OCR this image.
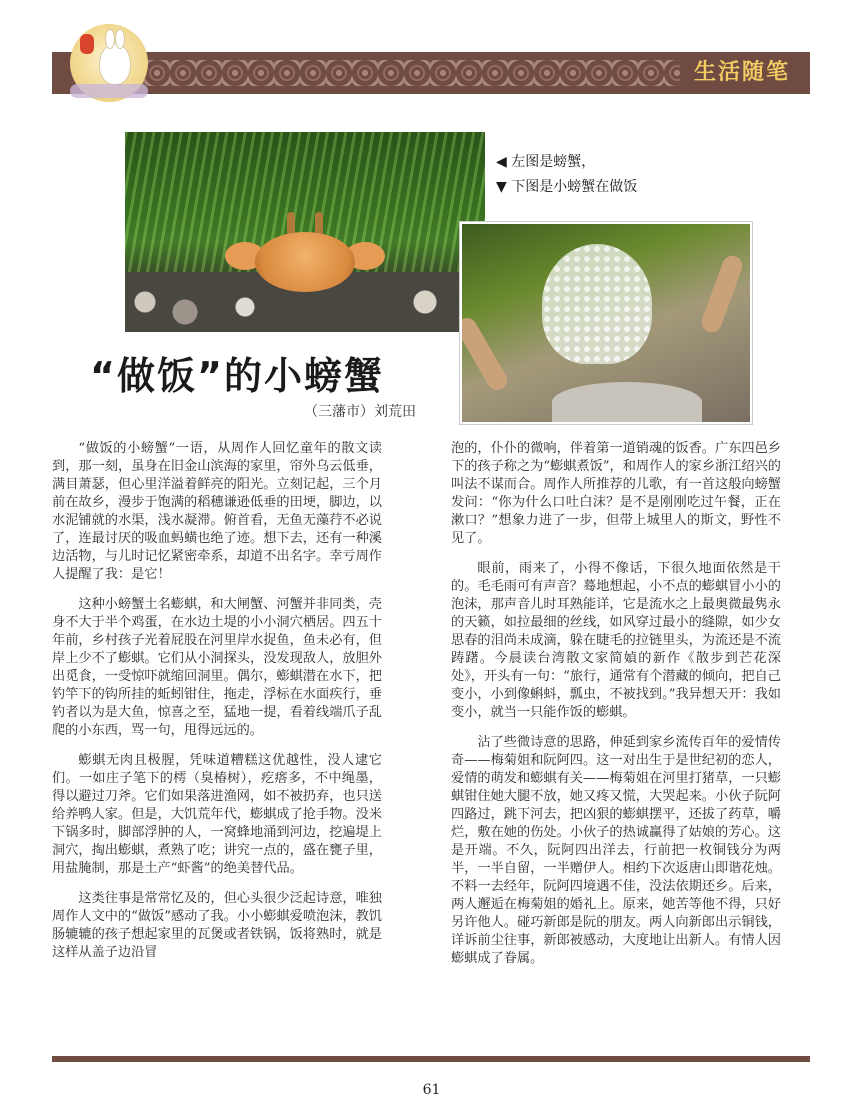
生活随笔
◀ 左图是螃蟹，
▼ 下图是小螃蟹在做饭
“做饭”的小螃蟹
（三藩市）刘荒田

“做饭的小螃蟹”一语，从周作人回忆童年的散文读到，那一刻，虽身在旧金山滨海的家里，帘外乌云低垂，满目萧瑟，但心里洋溢着鲜亮的阳光。立刻记起，三个月前在故乡，漫步于饱满的稻穗谦逊低垂的田埂，脚边，以水泥铺就的水渠，浅水凝滞。俯首看，无鱼无藻荇不必说了，连最讨厌的吸血蚂蟥也绝了迹。想下去，还有一种溪边活物，与儿时记忆紧密牵系，却道不出名字。幸亏周作人提醒了我：是它！

这种小螃蟹土名蟛蜞，和大闸蟹、河蟹并非同类，壳身不大于半个鸡蛋，在水边土堤的小小洞穴栖居。四五十年前，乡村孩子光着屁股在河里岸水捉鱼，鱼未必有，但岸上少不了蟛蜞。它们从小洞探头，没发现敌人，放胆外出觅食，一受惊吓就缩回洞里。偶尔，蟛蜞潜在水下，把钓竿下的钩所挂的蚯蚓钳住，拖走，浮标在水面疾行，垂钓者以为是大鱼，惊喜之至，猛地一提，看着线端爪子乱爬的小东西，骂一句，甩得远远的。

蟛蜞无肉且极腥，凭味道糟糕这优越性，没人逮它们。一如庄子笔下的樗（臭椿树），疙瘩多，不中绳墨，得以避过刀斧。它们如果落进渔网，如不被扔弃，也只送给养鸭人家。但是，大饥荒年代，蟛蜞成了抢手物。没米下锅多时，脚部浮肿的人，一窝蜂地涌到河边，挖遍堤上洞穴，掏出蟛蜞，煮熟了吃；讲究一点的，盛在甕子里，用盐腌制，那是土产“虾酱”的绝美替代品。

这类往事是常常忆及的，但心头很少泛起诗意，唯独周作人文中的“做饭”感动了我。小小蟛蜞爱喷泡沫，教饥肠辘辘的孩子想起家里的瓦煲或者铁锅，饭将熟时，就是这样从盖子边沿冒

泡的，仆仆的微响，伴着第一道销魂的饭香。广东四邑乡下的孩子称之为“蟛蜞煮饭”，和周作人的家乡浙江绍兴的叫法不谋而合。周作人所推荐的儿歌，有一首这般向螃蟹发问：“你为什么口吐白沫？是不是刚刚吃过午餐，正在漱口？”想象力进了一步，但带上城里人的斯文，野性不见了。

眼前，雨来了，小得不像话，下很久地面依然是干的。毛毛雨可有声音？蓦地想起，小不点的蟛蜞冒小小的泡沫，那声音儿时耳熟能详，它是流水之上最奥微最隽永的天籁，如拉最细的丝线，如风穿过最小的缝隙，如少女思春的泪尚未成滴，躲在睫毛的拉链里头，为流还是不流踌躇。今晨读台湾散文家简媜的新作《散步到芒花深处》，开头有一句：“旅行，通常有个潜藏的倾向，把自己变小，小到像蝌蚪，瓢虫，不被找到。”我异想天开：我如变小，就当一只能作饭的蟛蜞。

沾了些微诗意的思路，伸延到家乡流传百年的爱情传奇——梅菊姐和阮阿四。这一对出生于是世纪初的恋人，爱情的萌发和蟛蜞有关——梅菊姐在河里打猪草，一只蟛蜞钳住她大腿不放，她又疼又慌，大哭起来。小伙子阮阿四路过，跳下河去，把凶狠的蟛蜞摆平，还拔了药草，嚼烂，敷在她的伤处。小伙子的热诚赢得了姑娘的芳心。这是开端。不久，阮阿四出洋去，行前把一枚铜钱分为两半，一半自留，一半赠伊人。相约下次返唐山即谐花烛。不料一去经年，阮阿四境遇不佳，没法依期还乡。后来，两人邂逅在梅菊姐的婚礼上。原来，她苦等他不得，只好另许他人。碰巧新郎是阮的朋友。两人向新郎出示铜钱，详诉前尘往事，新郎被感动，大度地让出新人。有情人因蟛蜞成了眷属。

61
